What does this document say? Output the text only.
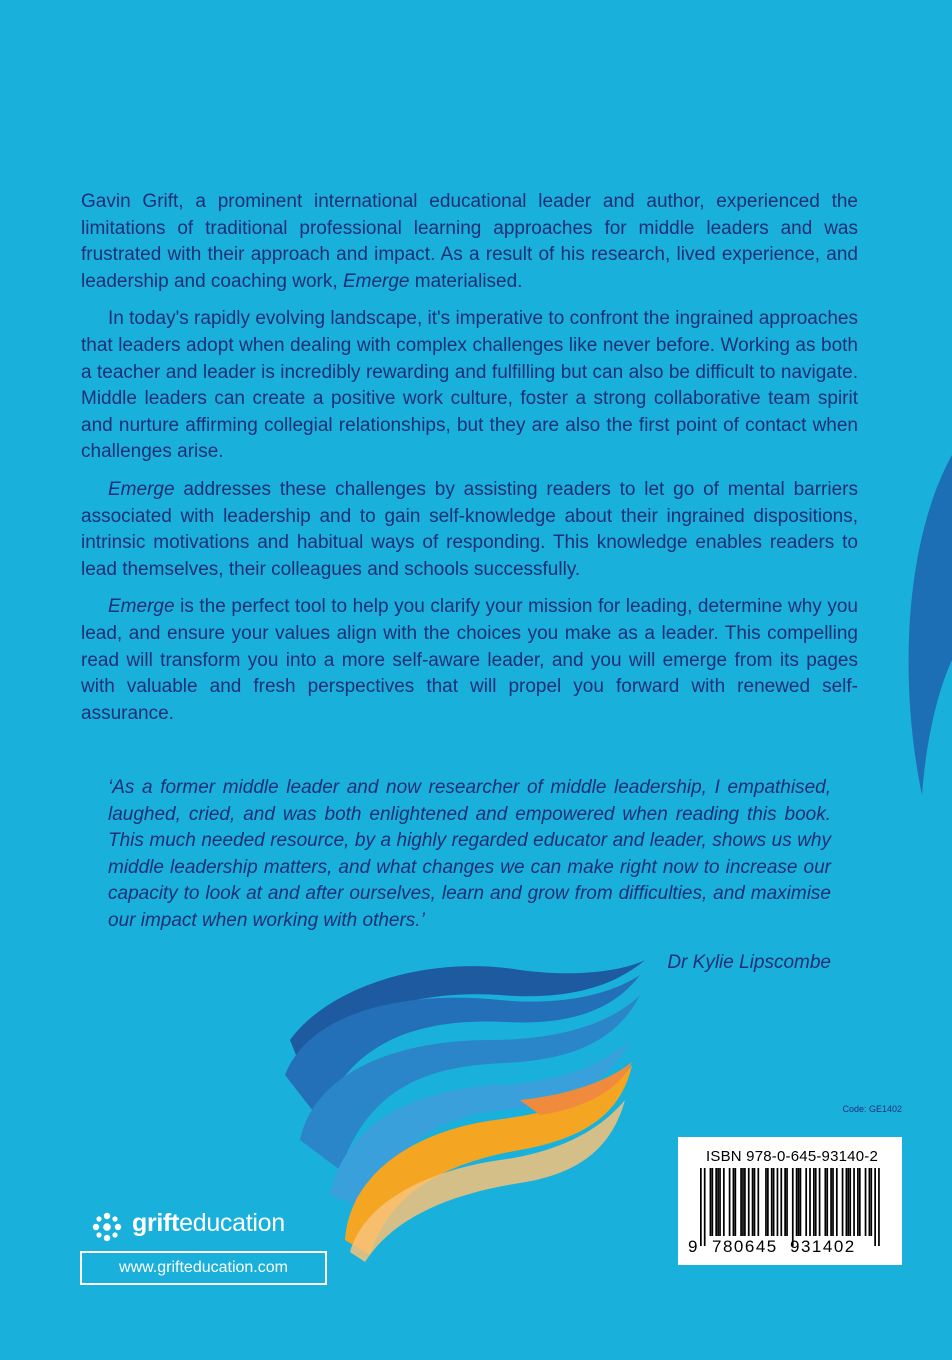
Gavin Grift, a prominent international educational leader and author, experienced the limitations of traditional professional learning approaches for middle leaders and was frustrated with their approach and impact. As a result of his research, lived experience, and leadership and coaching work, Emerge materialised.

In today's rapidly evolving landscape, it's imperative to confront the ingrained approaches that leaders adopt when dealing with complex challenges like never before. Working as both a teacher and leader is incredibly rewarding and fulfilling but can also be difficult to navigate. Middle leaders can create a positive work culture, foster a strong collaborative team spirit and nurture affirming collegial relationships, but they are also the first point of contact when challenges arise.

Emerge addresses these challenges by assisting readers to let go of mental barriers associated with leadership and to gain self-knowledge about their ingrained dispositions, intrinsic motivations and habitual ways of responding. This knowledge enables readers to lead themselves, their colleagues and schools successfully.

Emerge is the perfect tool to help you clarify your mission for leading, determine why you lead, and ensure your values align with the choices you make as a leader. This compelling read will transform you into a more self-aware leader, and you will emerge from its pages with valuable and fresh perspectives that will propel you forward with renewed self-assurance.

‘As a former middle leader and now researcher of middle leadership, I empathised, laughed, cried, and was both enlightened and empowered when reading this book. This much needed resource, by a highly regarded educator and leader, shows us why middle leadership matters, and what changes we can make right now to increase our capacity to look at and after ourselves, learn and grow from difficulties, and maximise our impact when working with others.’

Dr Kylie Lipscombe
Code: GE1402
ISBN 978-0-645-93140-2
9 780645 931402
grifteducation
www.grifteducation.com
